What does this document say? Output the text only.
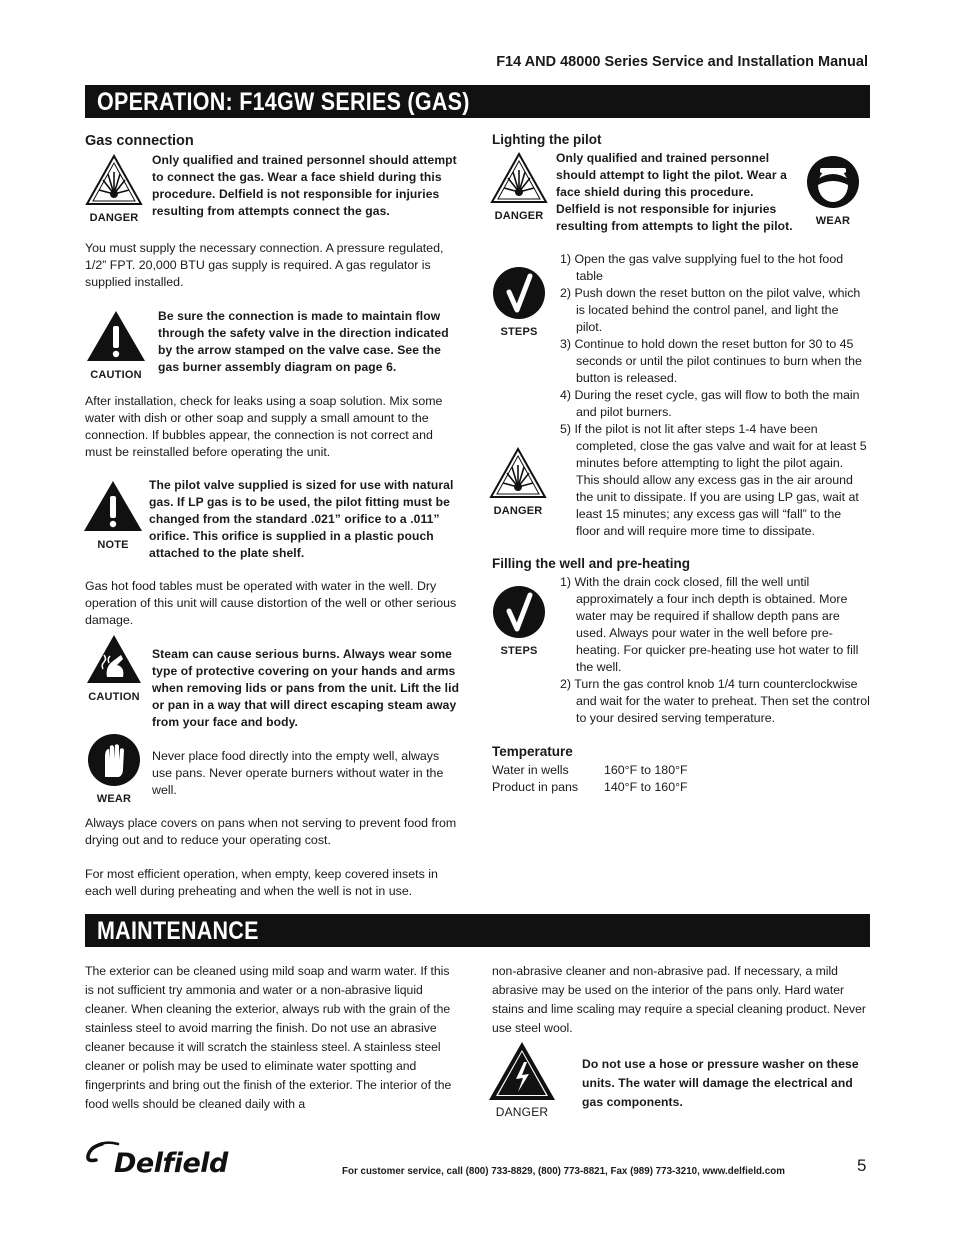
F14 AND 48000 Series Service and Installation Manual
OPERATION: F14GW SERIES (GAS)
Gas connection
DANGER
Only qualified and trained personnel should attempt to connect the gas. Wear a face shield during this procedure. Delfield is not responsible for injuries resulting from attempts connect the gas.
You must supply the necessary connection. A pressure regulated, 1/2” FPT. 20,000 BTU gas supply is required. A gas regulator is supplied installed.
CAUTION
Be sure the connection is made to maintain flow through the safety valve in the direction indicated by the arrow stamped on the valve case. See the gas burner assembly diagram on page 6.
After installation, check for leaks using a soap solution. Mix some water with dish or other soap and supply a small amount to the connection. If bubbles appear, the connection is not correct and must be reinstalled before operating the unit.
NOTE
The pilot valve supplied is sized for use with natural gas. If LP gas is to be used, the pilot fitting must be changed from the standard .021” orifice to a .011” orifice. This orifice is supplied in a plastic pouch attached to the plate shelf.
Gas hot food tables must be operated with water in the well. Dry operation of this unit will cause distortion of the well or other serious damage.
CAUTION
Steam can cause serious burns. Always wear some type of protective covering on your hands and arms when removing lids or pans from the unit. Lift the lid or pan in a way that will direct escaping steam away from your face and body.
WEAR
Never place food directly into the empty well, always use pans. Never operate burners without water in the well.
Always place covers on pans when not serving to prevent food from drying out and to reduce your operating cost.
For most efficient operation, when empty, keep covered insets in each well during preheating and when the well is not in use.
Lighting the pilot
DANGER
Only qualified and trained personnel should attempt to light the pilot. Wear a face shield during this procedure. Delfield is not responsible for injuries resulting from attempts to light the pilot.	WEAR
STEPS
DANGER
1) Open the gas valve supplying fuel to the hot food table
2) Push down the reset button on the pilot valve, which is located behind the control panel, and light the pilot.
3) Continue to hold down the reset button for 30 to 45 seconds or until the pilot continues to burn when the button is released.
4) During the reset cycle, gas will flow to both the main and pilot burners.
5) If the pilot is not lit after steps 1-4 have been completed, close the gas valve and wait for at least 5 minutes before attempting to light the pilot again. This should allow any excess gas in the air around the unit to dissipate. If you are using LP gas, wait at least 15 minutes; any excess gas will “fall” to the floor and will require more time to dissipate.
Filling the well and pre-heating
STEPS
1) With the drain cock closed, fill the well until approximately a four inch depth is obtained. More water may be required if shallow depth pans are used. Always pour water in the well before pre-heating. For quicker pre-heating use hot water to fill the well.
2) Turn the gas control knob 1/4 turn counterclockwise and wait for the water to preheat. Then set the control to your desired serving temperature.
Temperature
Water in wells	160°F to 180°F
Product in pans	140°F to 160°F
MAINTENANCE
The exterior can be cleaned using mild soap and warm water. If this is not sufficient try ammonia and water or a non-abrasive liquid cleaner. When cleaning the exterior, always rub with the grain of the stainless steel to avoid marring the finish. Do not use an abrasive cleaner because it will scratch the stainless steel. A stainless steel cleaner or polish may be used to eliminate water spotting and fingerprints and bring out the finish of the exterior. The interior of the food wells should be cleaned daily with a
non-abrasive cleaner and non-abrasive pad. If necessary, a mild abrasive may be used on the interior of the pans only. Hard water stains and lime scaling may require a special cleaning product. Never use steel wool.
DANGER
Do not use a hose or pressure washer on these units. The water will damage the electrical and gas components.
Delfield	For customer service, call (800) 733-8829, (800) 773-8821, Fax (989) 773-3210, www.delfield.com	5
